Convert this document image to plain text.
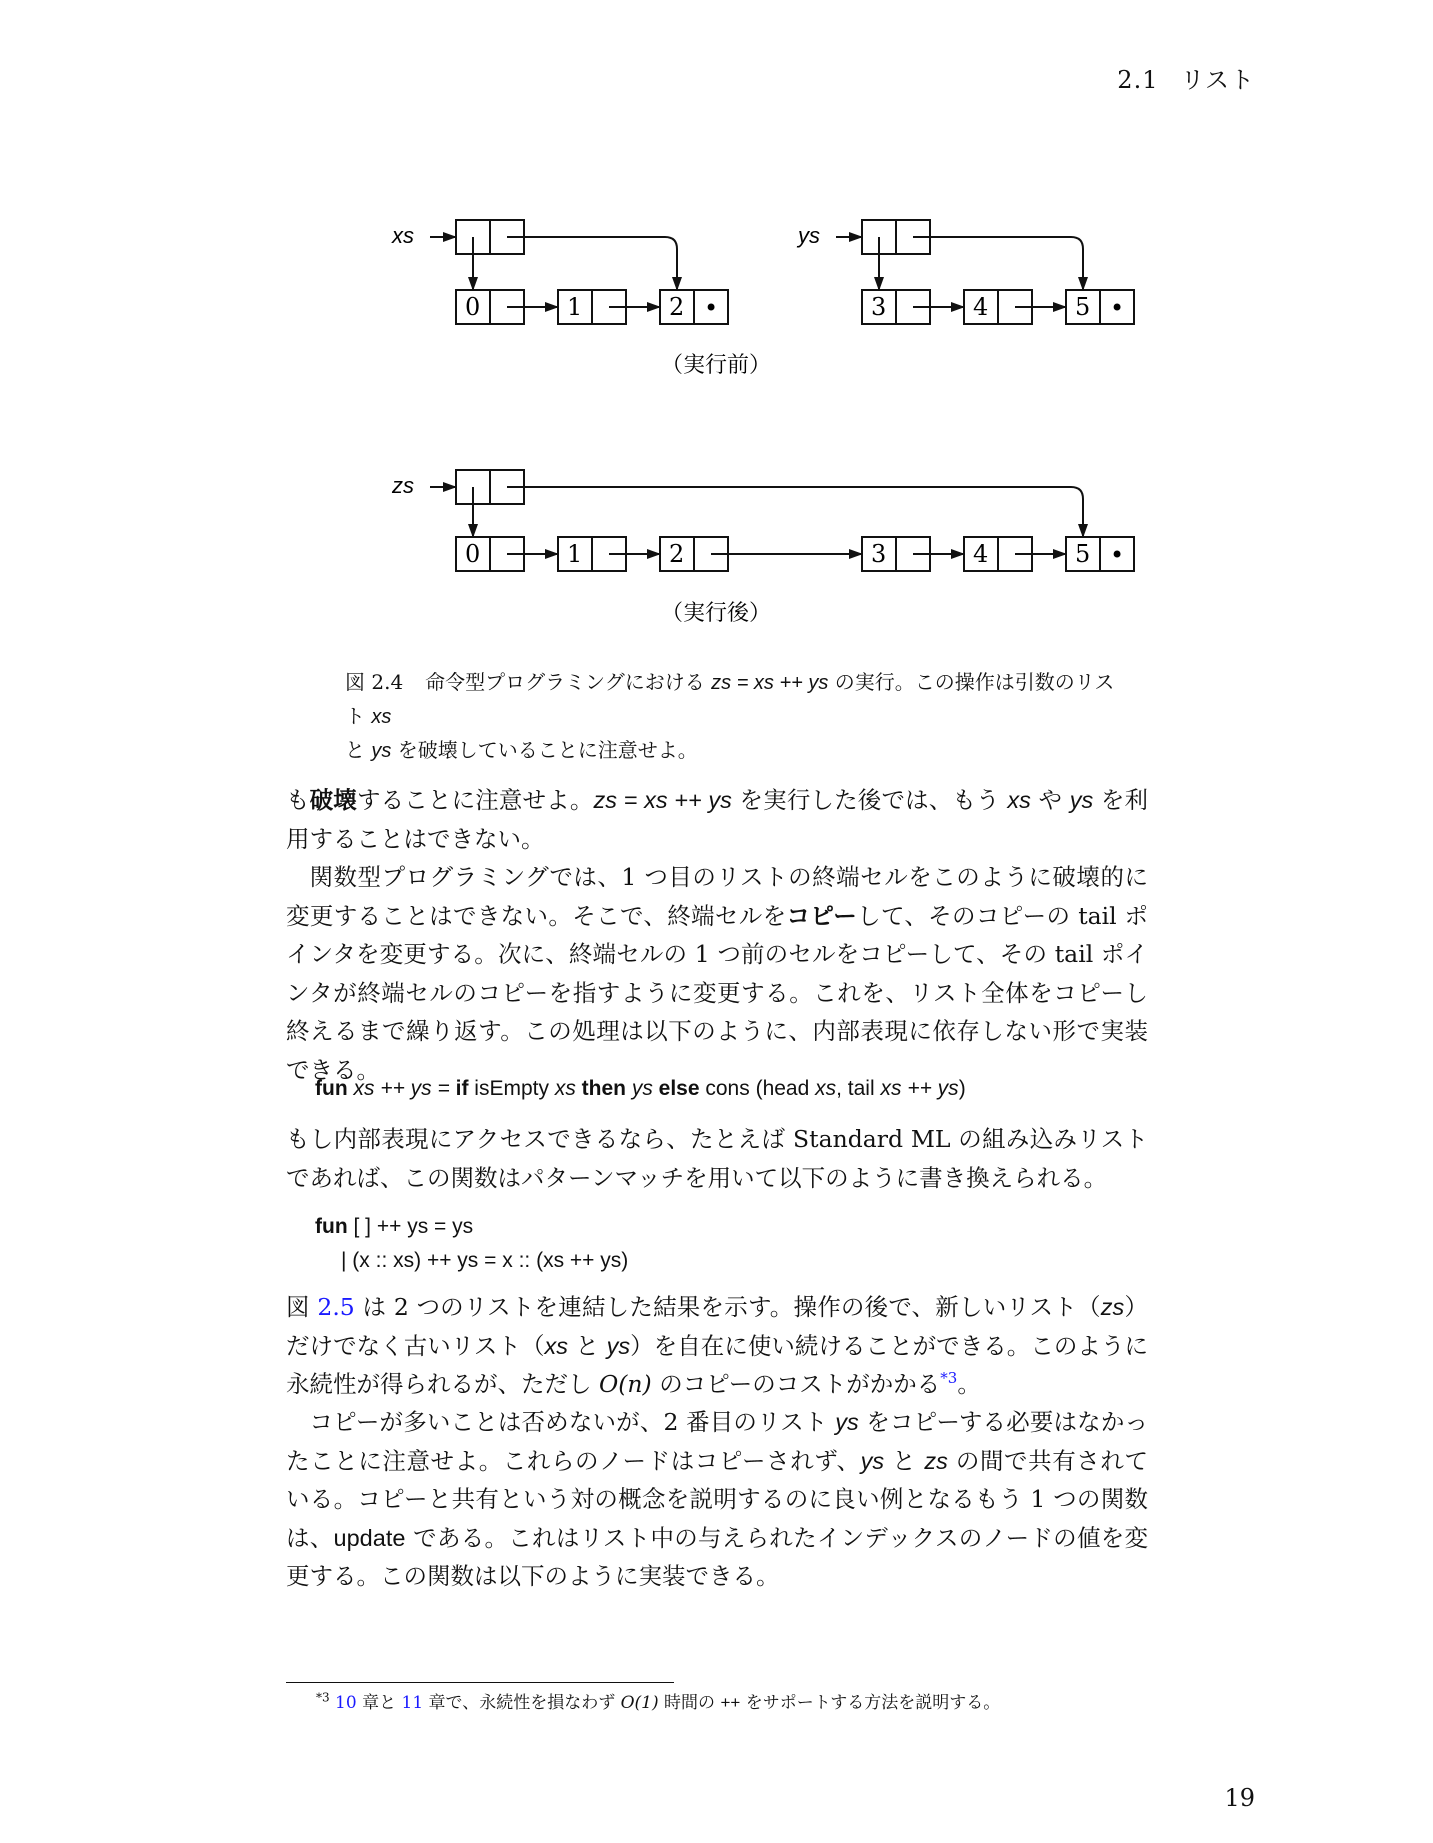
2.1 リスト
xs	ys
zs
0	1	2	3	4	5
•	•
0	1	2	3	4	5 •
（実行前）
（実行後）
図 2.4 命令型プログラミングにおける zs = xs ++ ys の実行。この操作は引数のリスト xs
と ys を破壊していることに注意せよ。

も破壊することに注意せよ。zs = xs ++ ys を実行した後では、もう xs や ys を利用することはできない。

関数型プログラミングでは、1 つ目のリストの終端セルをこのように破壊的に変更することはできない。そこで、終端セルをコピーして、そのコピーの tail ポインタを変更する。次に、終端セルの 1 つ前のセルをコピーして、その tail ポインタが終端セルのコピーを指すように変更する。これを、リスト全体をコピーし終えるまで繰り返す。この処理は以下のように、内部表現に依存しない形で実装できる。

fun xs ++ ys = if isEmpty xs then ys else cons (head xs, tail xs ++ ys)

もし内部表現にアクセスできるなら、たとえば Standard ML の組み込みリストであれば、この関数はパターンマッチを用いて以下のように書き換えられる。

fun [ ] ++ ys = ys
| (x :: xs) ++ ys = x :: (xs ++ ys)

図 2.5 は 2 つのリストを連結した結果を示す。操作の後で、新しいリスト（zs）だけでなく古いリスト（xs と ys）を自在に使い続けることができる。このように永続性が得られるが、ただし O(n) のコピーのコストがかかる$^{*3}$。

コピーが多いことは否めないが、2 番目のリスト ys をコピーする必要はなかったことに注意せよ。これらのノードはコピーされず、ys と zs の間で共有されている。コピーと共有という対の概念を説明するのに良い例となるもう 1 つの関数は、update である。これはリスト中の与えられたインデックスのノードの値を変更する。この関数は以下のように実装できる。

$^{*3}$ 10 章と 11 章で、永続性を損なわず O(1) 時間の ++ をサポートする方法を説明する。
19
